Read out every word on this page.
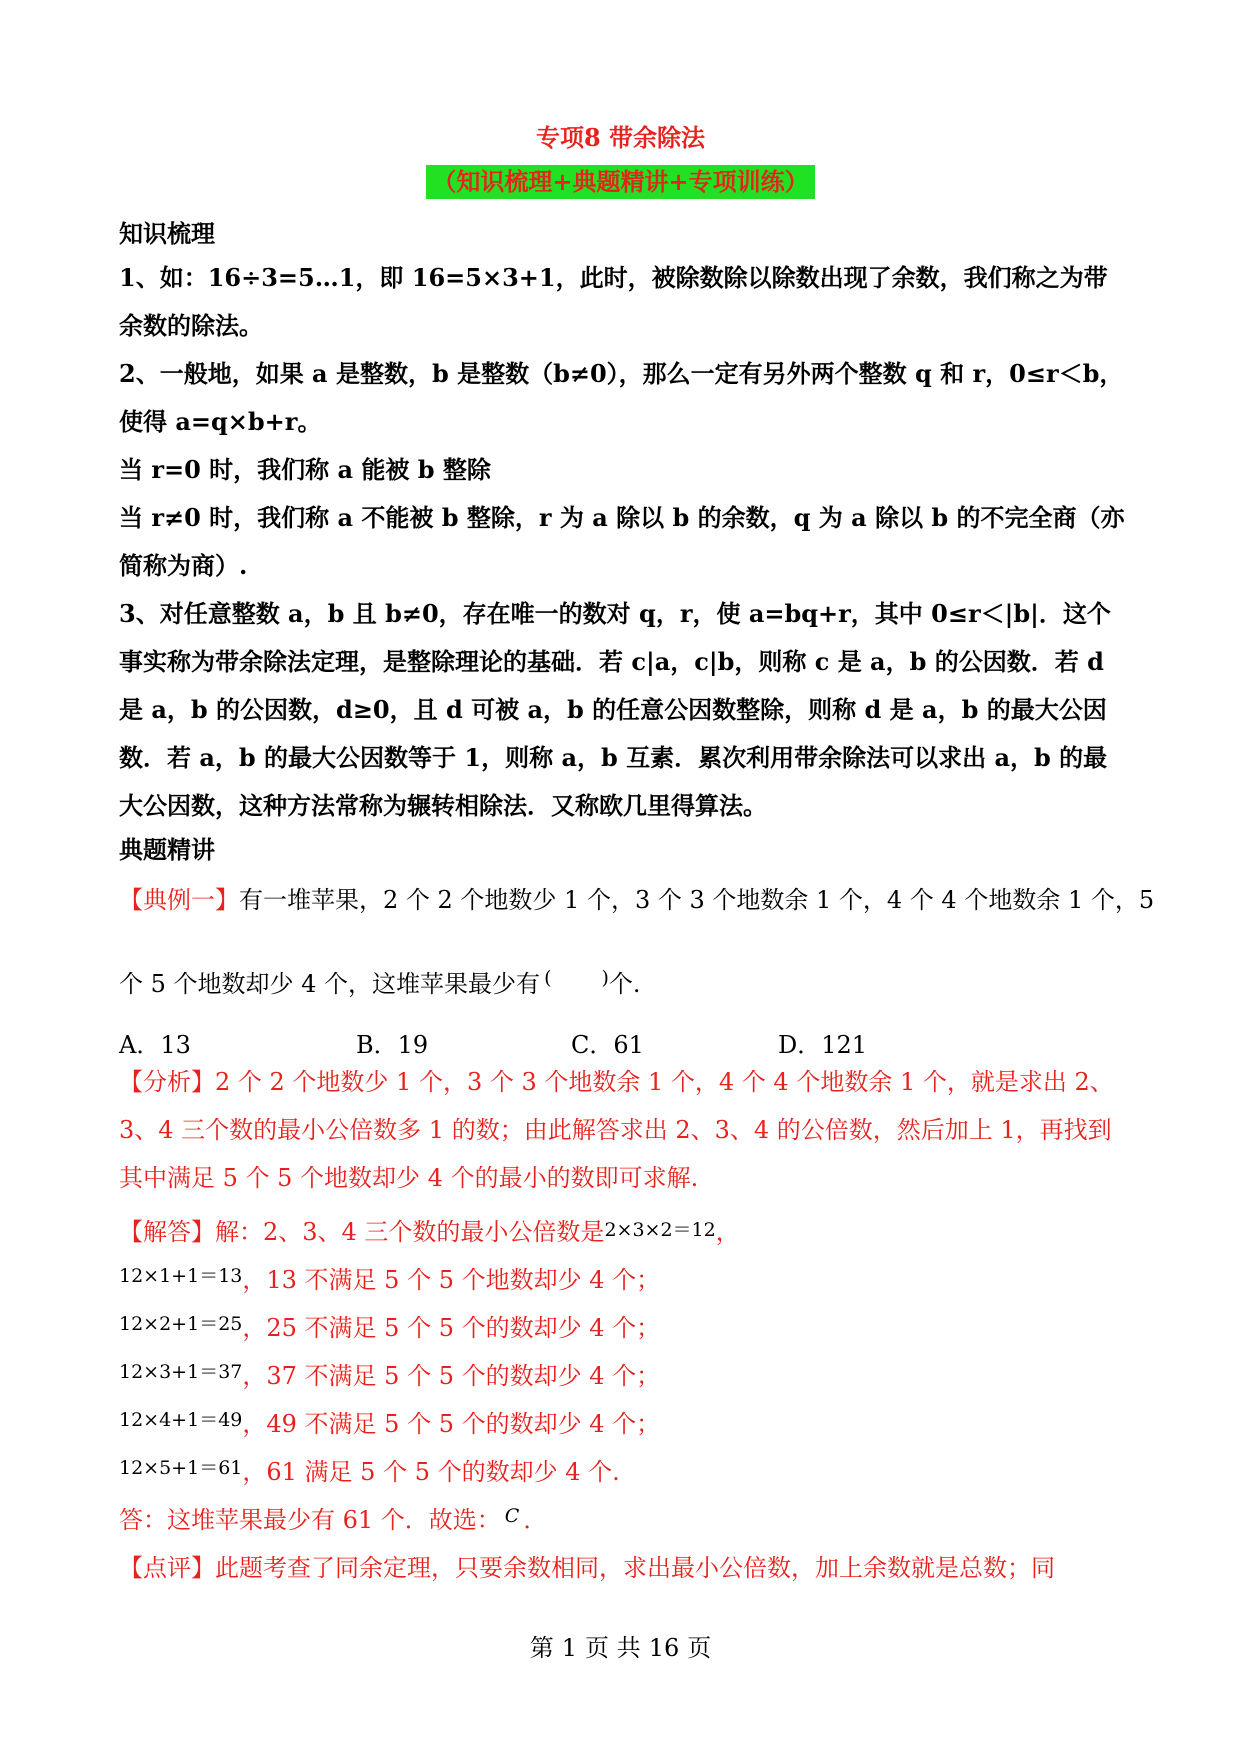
专项8 带余除法
（知识梳理+典题精讲+专项训练）
知识梳理
1、如：16÷3=5…1，即 16=5×3+1，此时，被除数除以除数出现了余数，我们称之为带余数的除法。
2、一般地，如果 a 是整数，b 是整数（b≠0），那么一定有另外两个整数 q 和 r，0≤r＜b，使得 a=q×b+r。
当 r=0 时，我们称 a 能被 b 整除
当 r≠0 时，我们称 a 不能被 b 整除，r 为 a 除以 b 的余数，q 为 a 除以 b 的不完全商（亦简称为商）.
3、对任意整数 a，b 且 b≠0，存在唯一的数对 q，r，使 a=bq+r，其中 0≤r＜|b|．这个事实称为带余除法定理，是整除理论的基础．若 c|a，c|b，则称 c 是 a，b 的公因数．若 d 是 a，b 的公因数，d≥0，且 d 可被 a，b 的任意公因数整除，则称 d 是 a，b 的最大公因数．若 a，b 的最大公因数等于 1，则称 a，b 互素．累次利用带余除法可以求出 a，b 的最大公因数，这种方法常称为辗转相除法．又称欧几里得算法。
典题精讲
【典例一】有一堆苹果，2 个 2 个地数少 1 个，3 个 3 个地数余 1 个，4 个 4 个地数余 1 个，5
个 5 个地数却少 4 个，这堆苹果最少有 (	)个.
A．13	B．19	C．61	D．121
【分析】2 个 2 个地数少 1 个，3 个 3 个地数余 1 个，4 个 4 个地数余 1 个，就是求出 2、3、4 三个数的最小公倍数多 1 的数；由此解答求出 2、3、4 的公倍数，然后加上 1，再找到其中满足 5 个 5 个地数却少 4 个的最小的数即可求解.
【解答】解：2、3、4 三个数的最小公倍数是2×3×2＝12，
$^{12\times 1+1=13}$，13 不满足 5 个 5 个地数却少 4 个；
$^{12\times 2+1=25}$，25 不满足 5 个 5 个的数却少 4 个；
$^{12\times 3+1=37}$，37 不满足 5 个 5 个的数却少 4 个；
$^{12\times 4+1=49}$，49 不满足 5 个 5 个的数却少 4 个；
$^{12\times 5+1=61}$，61 满足 5 个 5 个的数却少 4 个.
答：这堆苹果最少有 61 个．故选： $^C$ ．
【点评】此题考查了同余定理，只要余数相同，求出最小公倍数，加上余数就是总数；同
第 1 页 共 16 页
